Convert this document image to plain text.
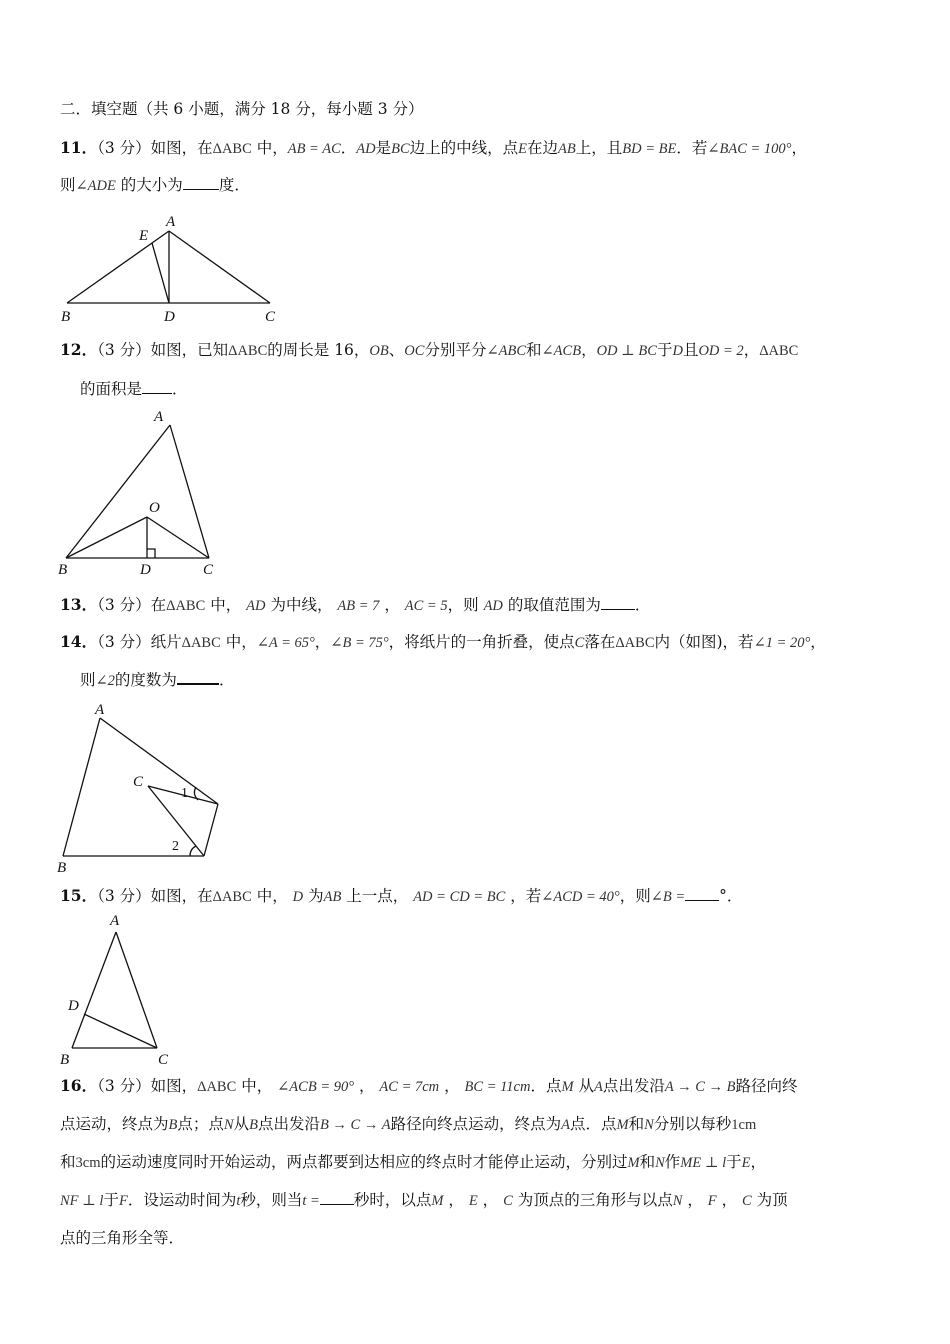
二．填空题（共 6 小题，满分 18 分，每小题 3 分）
11．（3 分）如图，在ΔABC 中，AB = AC．AD是BC边上的中线，点E在边AB上，且BD = BE．若∠BAC = 100°，
则∠ADE 的大小为 度．
A
E
B	D	C
A
O
B	D	C
A
C
1
2
B
A
D
B	C
12．（3 分）如图，已知ΔABC的周长是 16，OB、OC分别平分∠ABC和∠ACB，OD ⊥ BC于D且OD = 2，ΔABC
的面积是 ．
13．（3 分）在ΔABC 中， AD 为中线， AB = 7 ， AC = 5，则 AD 的取值范围为 ．
14．（3 分）纸片ΔABC 中，∠A = 65°，∠B = 75°，将纸片的一角折叠，使点C落在ΔABC内（如图)，若∠1 = 20°，
则∠2的度数为	．
15．（3 分）如图，在ΔABC 中， D 为AB 上一点， AD = CD = BC ，若∠ACD = 40°，则∠B = °．
16．（3 分）如图，ΔABC 中， ∠ACB = 90° ， AC = 7cm ， BC = 11cm．点M 从A点出发沿A → C → B路径向终
点运动，终点为B点；点N从B点出发沿B → C → A路径向终点运动，终点为A点．点M和N分别以每秒1cm
和3cm的运动速度同时开始运动，两点都要到达相应的终点时才能停止运动，分别过M和N作ME ⊥ l于E，
NF ⊥ l于F．设运动时间为t秒，则当t = 秒时，以点M ， E ， C 为顶点的三角形与以点N ， F ， C 为顶
点的三角形全等．
